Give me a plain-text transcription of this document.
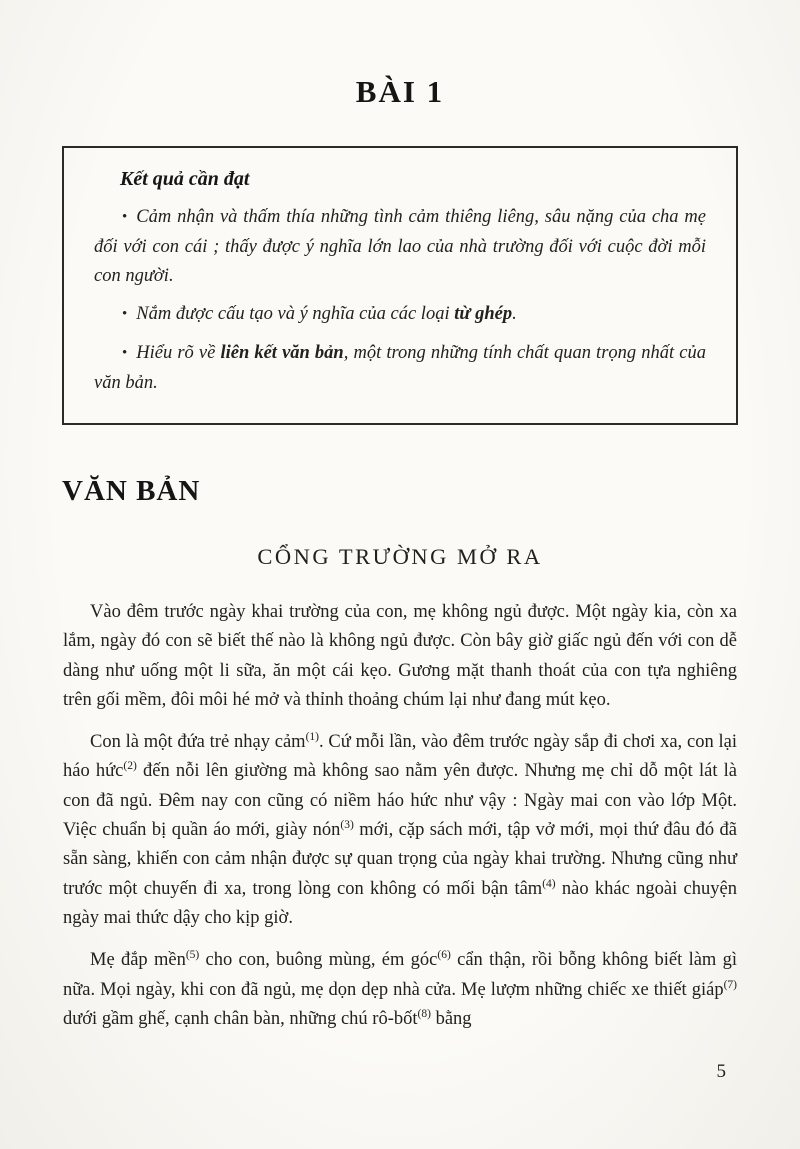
BÀI 1

Kết quả cần đạt

• Cảm nhận và thấm thía những tình cảm thiêng liêng, sâu nặng của cha mẹ đối với con cái ; thấy được ý nghĩa lớn lao của nhà trường đối với cuộc đời mỗi con người.

• Nắm được cấu tạo và ý nghĩa của các loại từ ghép.

• Hiểu rõ về liên kết văn bản, một trong những tính chất quan trọng nhất của văn bản.

VĂN BẢN
CỔNG TRƯỜNG MỞ RA

Vào đêm trước ngày khai trường của con, mẹ không ngủ được. Một ngày kia, còn xa lắm, ngày đó con sẽ biết thế nào là không ngủ được. Còn bây giờ giấc ngủ đến với con dễ dàng như uống một li sữa, ăn một cái kẹo. Gương mặt thanh thoát của con tựa nghiêng trên gối mềm, đôi môi hé mở và thỉnh thoảng chúm lại như đang mút kẹo.

Con là một đứa trẻ nhạy cảm$^{(1)}$. Cứ mỗi lần, vào đêm trước ngày sắp đi chơi xa, con lại háo hức$^{(2)}$ đến nỗi lên giường mà không sao nằm yên được. Nhưng mẹ chỉ dỗ một lát là con đã ngủ. Đêm nay con cũng có niềm háo hức như vậy : Ngày mai con vào lớp Một. Việc chuẩn bị quần áo mới, giày nón$^{(3)}$ mới, cặp sách mới, tập vở mới, mọi thứ đâu đó đã sẵn sàng, khiến con cảm nhận được sự quan trọng của ngày khai trường. Nhưng cũng như trước một chuyến đi xa, trong lòng con không có mối bận tâm$^{(4)}$ nào khác ngoài chuyện ngày mai thức dậy cho kịp giờ.

Mẹ đắp mền$^{(5)}$ cho con, buông mùng, ém góc$^{(6)}$ cẩn thận, rồi bỗng không biết làm gì nữa. Mọi ngày, khi con đã ngủ, mẹ dọn dẹp nhà cửa. Mẹ lượm những chiếc xe thiết giáp$^{(7)}$ dưới gầm ghế, cạnh chân bàn, những chú rô-bốt$^{(8)}$ bằng

5
